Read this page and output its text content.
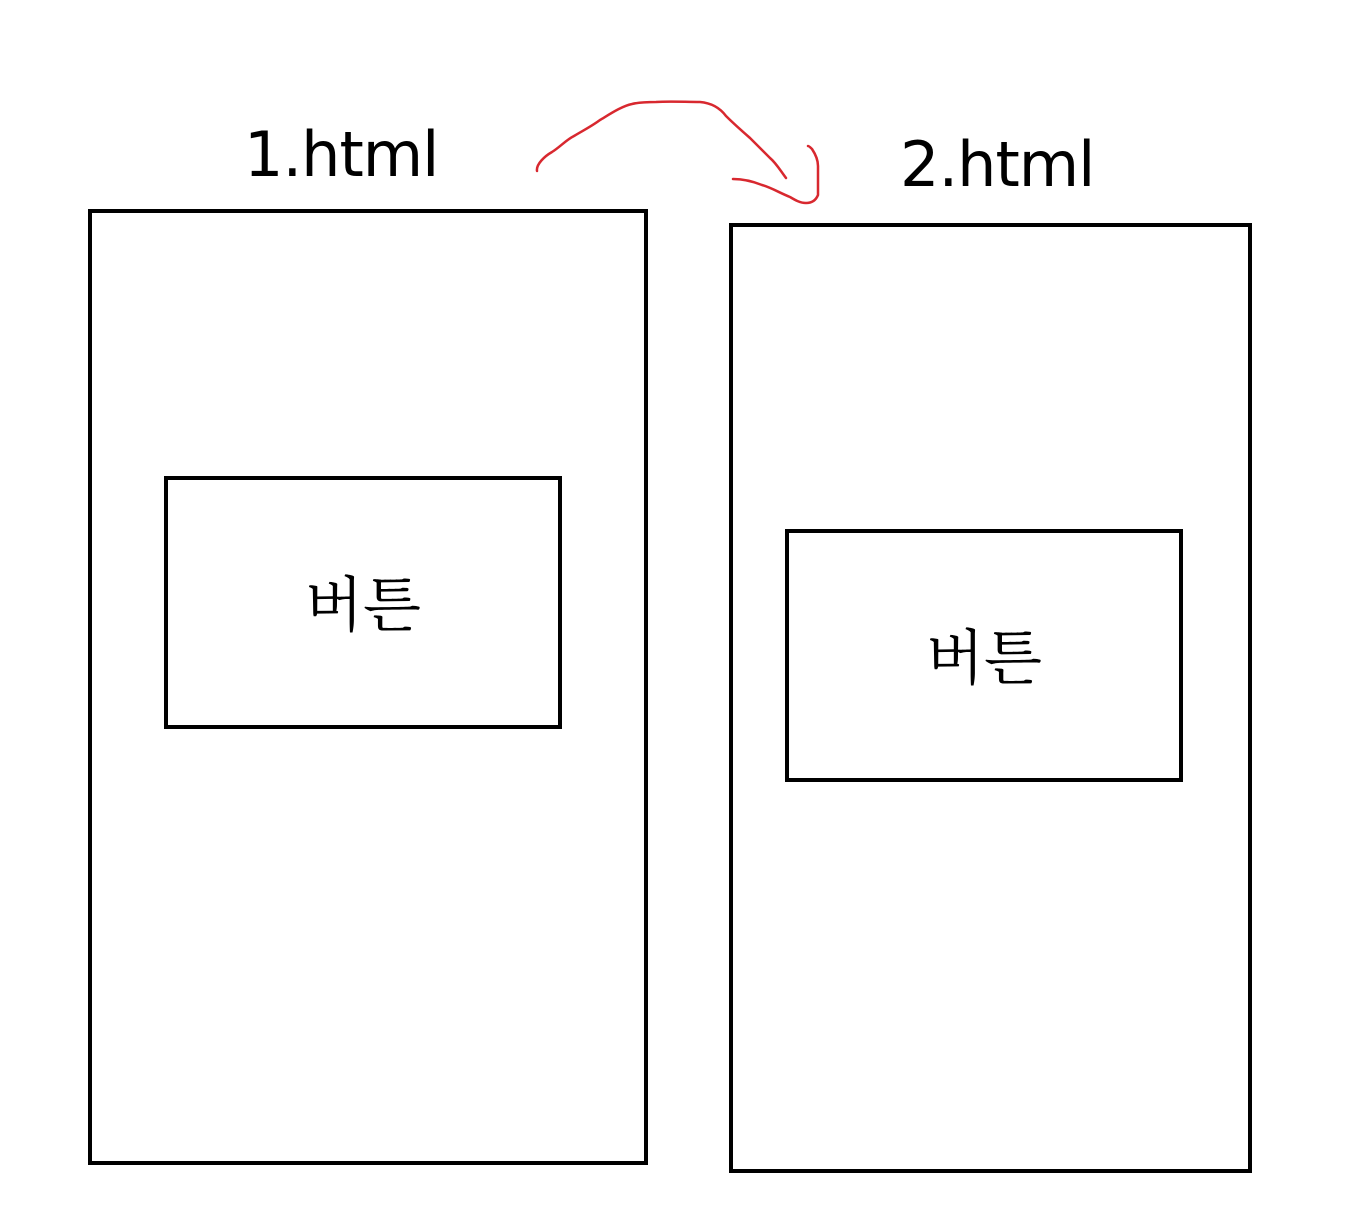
1.html	2.html
버튼
버튼
